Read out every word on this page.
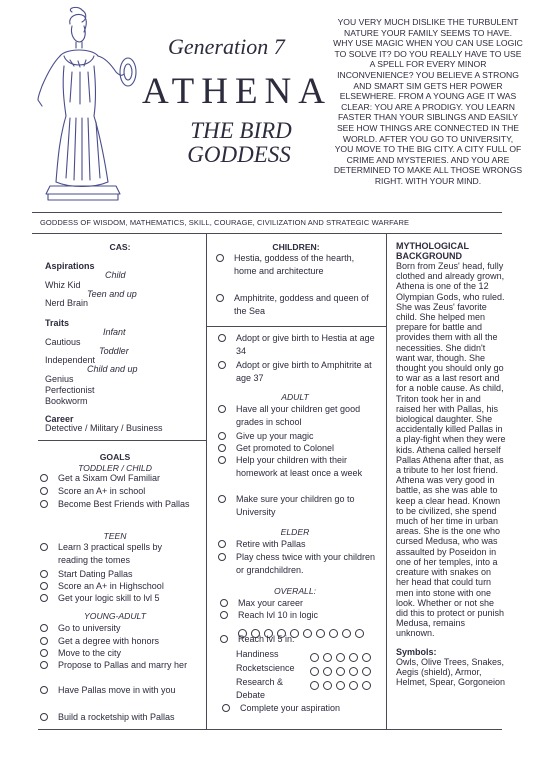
Generation 7
ATHENA
THE BIRD
GODDESS
YOU VERY MUCH DISLIKE THE TURBULENT NATURE YOUR FAMILY SEEMS TO HAVE. WHY USE MAGIC WHEN YOU CAN USE LOGIC TO SOLVE IT? DO YOU REALLY HAVE TO USE A SPELL FOR EVERY MINOR INCONVENIENCE? YOU BELIEVE A STRONG AND SMART SIM GETS HER POWER ELSEWHERE. FROM A YOUNG AGE IT WAS CLEAR: YOU ARE A PRODIGY. YOU LEARN FASTER THAN YOUR SIBLINGS AND EASILY SEE HOW THINGS ARE CONNECTED IN THE WORLD. AFTER YOU GO TO UNIVERSITY, YOU MOVE TO THE BIG CITY. A CITY FULL OF CRIME AND MYSTERIES. AND YOU ARE DETERMINED TO MAKE ALL THOSE WRONGS RIGHT. WITH YOUR MIND.
GODDESS OF WISDOM, MATHEMATICS, SKILL, COURAGE, CIVILIZATION AND STRATEGIC WARFARE
CAS:
Aspirations
Child
Whiz Kid
Teen and up
Nerd Brain
Traits
Infant
Cautious
Toddler
Independent
Child and up
Genius
Perfectionist
Bookworm
Career
Detective / Military / Business
GOALS
TODDLER / CHILD
Get a Sixam Owl Familiar
Score an A+ in school
Become Best Friends with Pallas
TEEN
Learn 3 practical spells by reading the tomes
Start Dating Pallas
Score an A+ in Highschool
Get your logic skill to lvl 5
YOUNG-ADULT
Go to university
Get a degree with honors
Move to the city
Propose to Pallas and marry her
Have Pallas move in with you
Build a rocketship with Pallas
CHILDREN:
Hestia, goddess of the hearth, home and architecture
Amphitrite, goddess and queen of the Sea
Adopt or give birth to Hestia at age 34
Adopt or give birth to Amphitrite at age 37
ADULT
Have all your children get good grades in school
Give up your magic
Get promoted to Colonel
Help your children with their homework at least once a week
Make sure your children go to University
ELDER
Retire with Pallas
Play chess twice with your children or grandchildren.
OVERALL:
Max your career
Reach lvl 10 in logic
Reach lvl 5 in:
Handiness
Rocketscience
Research &
Debate
Complete your aspiration
MYTHOLOGICAL
BACKGROUND
Born from Zeus' head, fully clothed and already grown, Athena is one of the 12 Olympian Gods, who ruled. She was Zeus' favorite child. She helped men prepare for battle and provides them with all the necessities. She didn't want war, though. She thought you should only go to war as a last resort and for a noble cause. As child, Triton took her in and raised her with Pallas, his biological daughter. She accidentally killed Pallas in a play-fight when they were kids. Athena called herself Pallas Athena after that, as a tribute to her lost friend. Athena was very good in battle, as she was able to keep a clear head. Known to be civilized, she spend much of her time in urban areas. She is the one who cursed Medusa, who was assaulted by Poseidon in one of her temples, into a creature with snakes on her head that could turn men into stone with one look. Whether or not she did this to protect or punish Medusa, remains unknown.
Symbols:
Owls, Olive Trees, Snakes, Aegis (shield), Armor, Helmet, Spear, Gorgoneion
